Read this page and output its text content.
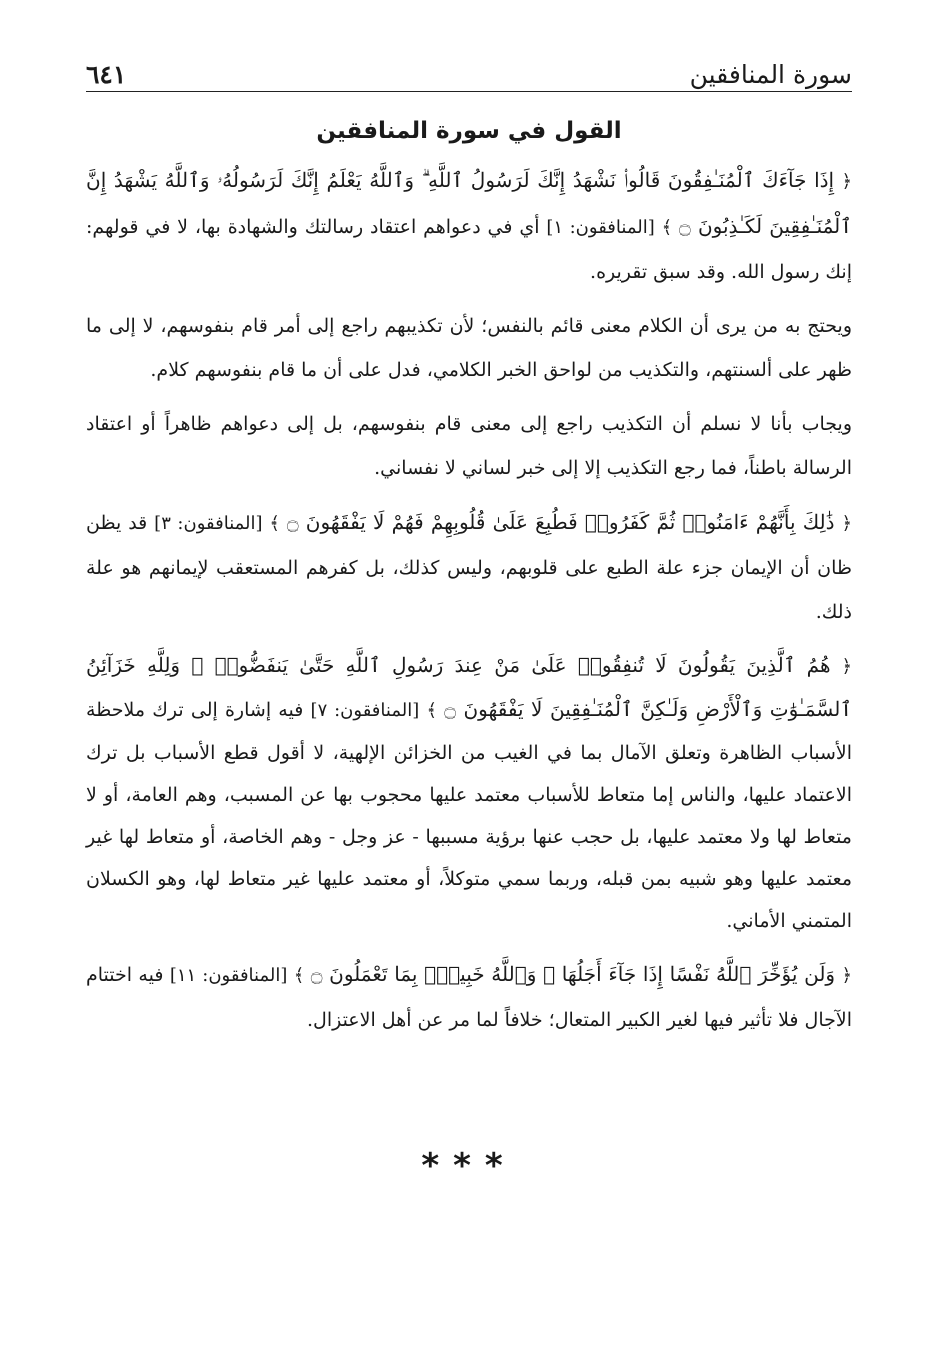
سورة المنافقين
٦٤١
القول في سورة المنافقين

﴿ إِذَا جَآءَكَ ٱلْمُنَـٰفِقُونَ قَالُوا۟ نَشْهَدُ إِنَّكَ لَرَسُولُ ٱللَّهِ ۗ وَٱللَّهُ يَعْلَمُ إِنَّكَ لَرَسُولُهُۥ وَٱللَّهُ يَشْهَدُ إِنَّ ٱلْمُنَـٰفِقِينَ لَكَـٰذِبُونَ ۝ ﴾ [المنافقون: ١] أي في دعواهم اعتقاد رسالتك والشهادة بها، لا في قولهم: إنك رسول الله. وقد سبق تقريره.

ويحتج به من يرى أن الكلام معنى قائم بالنفس؛ لأن تكذيبهم راجع إلى أمر قام بنفوسهم، لا إلى ما ظهر على ألسنتهم، والتكذيب من لواحق الخبر الكلامي، فدل على أن ما قام بنفوسهم كلام.

ويجاب بأنا لا نسلم أن التكذيب راجع إلى معنى قام بنفوسهم، بل إلى دعواهم ظاهراً أو اعتقاد الرسالة باطناً، فما رجع التكذيب إلا إلى خبر لساني لا نفساني.

﴿ ذَٰلِكَ بِأَنَّهُمْ ءَامَنُوا۟ ثُمَّ كَفَرُوا۟ فَطُبِعَ عَلَىٰ قُلُوبِهِمْ فَهُمْ لَا يَفْقَهُونَ ۝ ﴾ [المنافقون: ٣] قد يظن ظان أن الإيمان جزء علة الطبع على قلوبهم، وليس كذلك، بل كفرهم المستعقب لإيمانهم هو علة ذلك.

﴿ هُمُ ٱلَّذِينَ يَقُولُونَ لَا تُنفِقُوا۟ عَلَىٰ مَنْ عِندَ رَسُولِ ٱللَّهِ حَتَّىٰ يَنفَضُّوا۟ ۗ وَلِلَّهِ خَزَآئِنُ ٱلسَّمَـٰوَٰتِ وَٱلْأَرْضِ وَلَـٰكِنَّ ٱلْمُنَـٰفِقِينَ لَا يَفْقَهُونَ ۝ ﴾ [المنافقون: ٧] فيه إشارة إلى ترك ملاحظة الأسباب الظاهرة وتعلق الآمال بما في الغيب من الخزائن الإلهية، لا أقول قطع الأسباب بل ترك الاعتماد عليها، والناس إما متعاط للأسباب معتمد عليها محجوب بها عن المسبب، وهم العامة، أو لا متعاط لها ولا معتمد عليها، بل حجب عنها برؤية مسببها - عز وجل - وهم الخاصة، أو متعاط لها غير معتمد عليها وهو شبيه بمن قبله، وربما سمي متوكلاً، أو معتمد عليها غير متعاط لها، وهو الكسلان المتمني الأماني.

﴿ وَلَن يُؤَخِّرَ ٱللَّهُ نَفْسًا إِذَا جَآءَ أَجَلُهَا ۚ وَٱللَّهُ خَبِيرٌۢ بِمَا تَعْمَلُونَ ۝ ﴾ [المنافقون: ١١] فيه اختتام الآجال فلا تأثير فيها لغير الكبير المتعال؛ خلافاً لما مر عن أهل الاعتزال.

***
